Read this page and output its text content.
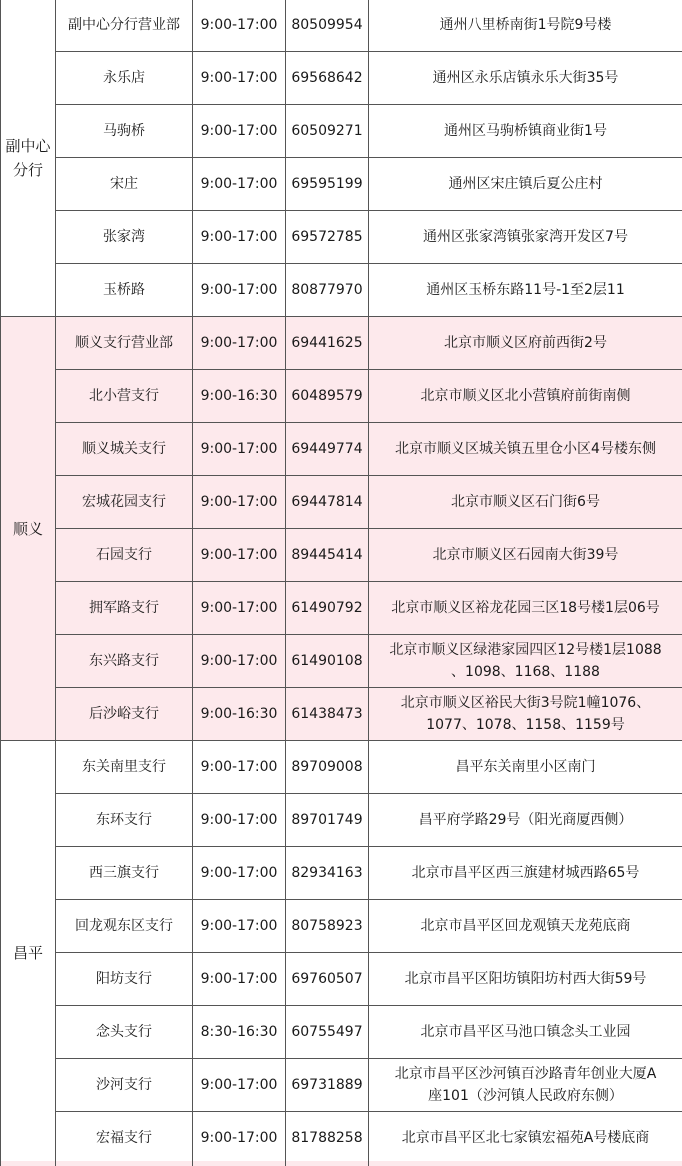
副中心
分行	副中心分行营业部	9:00-17:00	80509954	通州八里桥南街1号院9号楼
	永乐店	9:00-17:00	69568642	通州区永乐店镇永乐大街35号
	马驹桥	9:00-17:00	60509271	通州区马驹桥镇商业街1号
	宋庄	9:00-17:00	69595199	通州区宋庄镇后夏公庄村
	张家湾	9:00-17:00	69572785	通州区张家湾镇张家湾开发区7号
	玉桥路	9:00-17:00	80877970	通州区玉桥东路11号-1至2层11
顺义	顺义支行营业部	9:00-17:00	69441625	北京市顺义区府前西街2号
	北小营支行	9:00-16:30	60489579	北京市顺义区北小营镇府前街南侧
	顺义城关支行	9:00-17:00	69449774	北京市顺义区城关镇五里仓小区4号楼东侧
	宏城花园支行	9:00-17:00	69447814	北京市顺义区石门街6号
	石园支行	9:00-17:00	89445414	北京市顺义区石园南大街39号
	拥军路支行	9:00-17:00	61490792	北京市顺义区裕龙花园三区18号楼1层06号
	东兴路支行	9:00-17:00	61490108	北京市顺义区绿港家园四区12号楼1层1088
、1098、1168、1188
	后沙峪支行	9:00-16:30	61438473	北京市顺义区裕民大街3号院1幢1076、
1077、1078、1158、1159号
昌平	东关南里支行	9:00-17:00	89709008	昌平东关南里小区南门
	东环支行	9:00-17:00	89701749	昌平府学路29号（阳光商厦西侧）
	西三旗支行	9:00-17:00	82934163	北京市昌平区西三旗建材城西路65号
	回龙观东区支行	9:00-17:00	80758923	北京市昌平区回龙观镇天龙苑底商
	阳坊支行	9:00-17:00	69760507	北京市昌平区阳坊镇阳坊村西大街59号
	念头支行	8:30-16:30	60755497	北京市昌平区马池口镇念头工业园
	沙河支行	9:00-17:00	69731889	北京市昌平区沙河镇百沙路青年创业大厦A
座101（沙河镇人民政府东侧）
	宏福支行	9:00-17:00	81788258	北京市昌平区北七家镇宏福苑A号楼底商
